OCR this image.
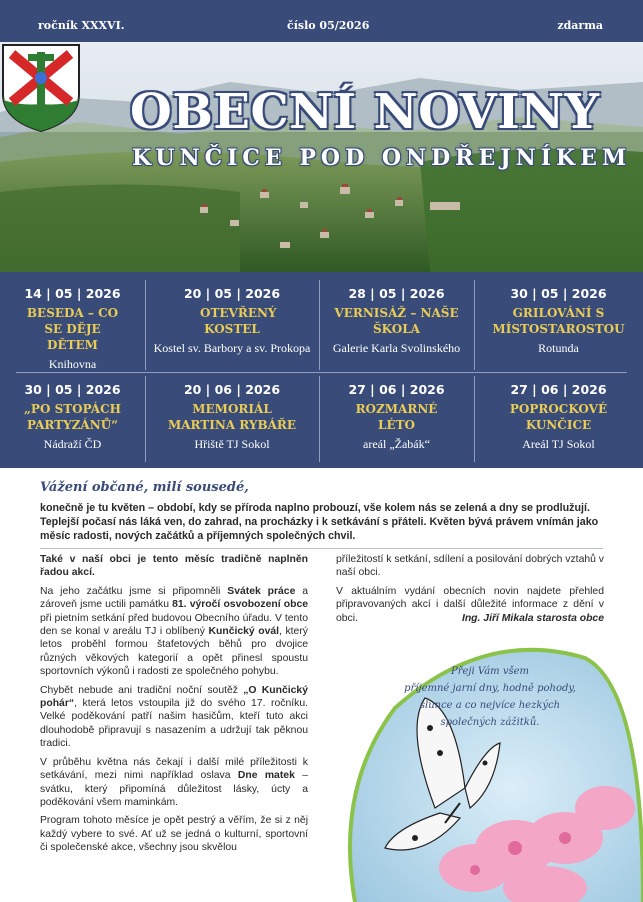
ročník XXXVI.	číslo 05/2026	zdarma
OBECNÍ NOVINY
KUNČICE POD ONDŘEJNÍKEM
14 | 05 | 2026
BESEDA – CO SE DĚJE DĚTEM
Knihovna
20 | 05 | 2026
OTEVŘENÝ KOSTEL
Kostel sv. Barbory a sv. Prokopa
28 | 05 | 2026
VERNISÁŽ – NAŠE ŠKOLA
Galerie Karla Svolinského
30 | 05 | 2026
GRILOVÁNÍ S MÍSTOSTAROSTOU
Rotunda
30 | 05 | 2026
„PO STOPÁCH PARTYZÁNŮ“
Nádraží ČD
20 | 06 | 2026
MEMORIÁL MARTINA RYBÁŘE
Hřiště TJ Sokol
27 | 06 | 2026
ROZMARNÉ LÉTO
areál „Žabák“
27 | 06 | 2026
POPROCKOVÉ KUNČICE
Areál TJ Sokol
Vážení občané, milí sousedé,
konečně je tu květen – období, kdy se příroda naplno probouzí, vše kolem nás se zelená a dny se prodlužují. Teplejší počasí nás láká ven, do zahrad, na procházky i k setkávání s přáteli. Květen bývá právem vnímán jako měsíc radosti, nových začátků a příjemných společných chvil.

Také v naší obci je tento měsíc tradičně naplněn řadou akcí.

Na jeho začátku jsme si připomněli Svátek práce a zároveň jsme uctili památku 81. výročí osvobození obce při pietním setkání před budovou Obecního úřadu. V tento den se konal v areálu TJ i oblíbený Kunčický ovál, který letos proběhl formou štafetových běhů pro dvojice různých věkových kategorií a opět přinesl spoustu sportovních výkonů i radosti ze společného pohybu.

Chybět nebude ani tradiční noční soutěž „O Kunčický pohár“, která letos vstoupila již do svého 17. ročníku. Velké poděkování patří našim hasičům, kteří tuto akci dlouhodobě připravují s nasazením a udržují tak pěknou tradici.

V průběhu května nás čekají i další milé příležitosti k setkávání, mezi nimi například oslava Dne matek – svátku, který připomíná důležitost lásky, úcty a poděkování všem maminkám.

Program tohoto měsíce je opět pestrý a věřím, že si z něj každý vybere to své. Ať už se jedná o kulturní, sportovní či společenské akce, všechny jsou skvělou

příležitostí k setkání, sdílení a posilování dobrých vztahů v naší obci.

V aktuálním vydání obecních novin najdete přehled připravovaných akcí i další důležité informace z dění v obci.	Ing. Jiří Mikala starosta obce

Přeji Vám všem
příjemné jarní dny, hodně pohody,
slunce a co nejvíce hezkých
společných zážitků.
